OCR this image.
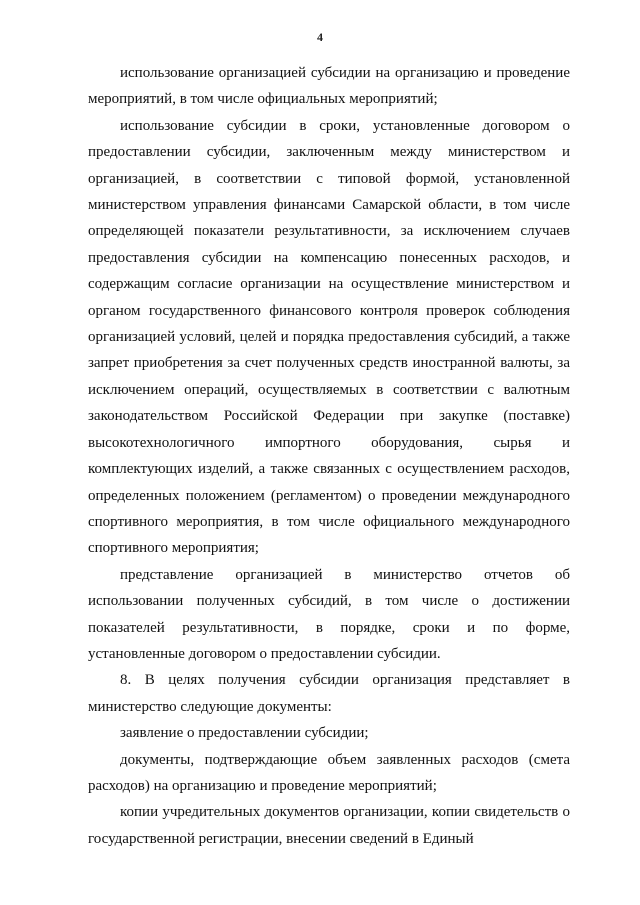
4

использование организацией субсидии на организацию и проведение мероприятий, в том числе официальных мероприятий;

использование субсидии в сроки, установленные договором о предоставлении субсидии, заключенным между министерством и организацией, в соответствии с типовой формой, установленной министерством управления финансами Самарской области, в том числе определяющей показатели результативности, за исключением случаев предоставления субсидии на компенсацию понесенных расходов, и содержащим согласие организации на осуществление министерством и органом государственного финансового контроля проверок соблюдения организацией условий, целей и порядка предоставления субсидий, а также запрет приобретения за счет полученных средств иностранной валюты, за исключением операций, осуществляемых в соответствии с валютным законодательством Российской Федерации при закупке (поставке) высокотехнологичного импортного оборудования, сырья и комплектующих изделий, а также связанных с осуществлением расходов, определенных положением (регламентом) о проведении международного спортивного мероприятия, в том числе официального международного спортивного мероприятия;

представление организацией в министерство отчетов об использовании полученных субсидий, в том числе о достижении показателей результативности, в порядке, сроки и по форме, установленные договором о предоставлении субсидии.

8. В целях получения субсидии организация представляет в министерство следующие документы:

заявление о предоставлении субсидии;

документы, подтверждающие объем заявленных расходов (смета расходов) на организацию и проведение мероприятий;

копии учредительных документов организации, копии свидетельств о государственной регистрации, внесении сведений в Единый
